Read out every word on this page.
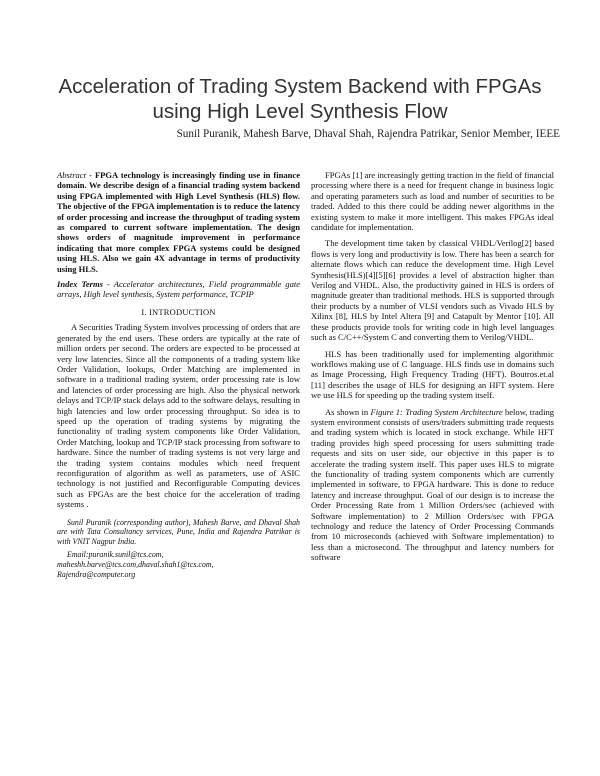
Acceleration of Trading System Backend with FPGAs using High Level Synthesis Flow
Sunil Puranik, Mahesh Barve, Dhaval Shah, Rajendra Patrikar, Senior Member, IEEE

Abstract - FPGA technology is increasingly finding use in finance domain. We describe design of a financial trading system backend using FPGA implemented with High Level Synthesis (HLS) flow. The objective of the FPGA implementation is to reduce the latency of order processing and increase the throughput of trading system as compared to current software implementation. The design shows orders of magnitude improvement in performance indicating that more complex FPGA systems could be designed using HLS. Also we gain 4X advantage in terms of productivity using HLS.

Index Terms - Accelerator architectures, Field programmable gate arrays, High level synthesis, System performance, TCPIP

I. INTRODUCTION

A Securities Trading System involves processing of orders that are generated by the end users. These orders are typically at the rate of million orders per second. The orders are expected to be processed at very low latencies. Since all the components of a trading system like Order Validation, lookups, Order Matching are implemented in software in a traditional trading system, order processing rate is low and latencies of order processing are high. Also the physical network delays and TCP/IP stack delays add to the software delays, resulting in high latencies and low order processing throughput. So idea is to speed up the operation of trading systems by migrating the functionality of trading system components like Order Validation, Order Matching, lookup and TCP/IP stack processing from software to hardware. Since the number of trading systems is not very large and the trading system contains modules which need frequent reconfiguration of algorithm as well as parameters, use of ASIC technology is not justified and Reconfigurable Computing devices such as FPGAs are the best choice for the acceleration of trading systems .

Sunil Puranik (corresponding author), Mahesh Barve, and Dhaval Shah are with Tata Consultancy services, Pune, India and Rajendra Patrikar is with VNIT Nagpur India.

Email:puranik.sunil@tcs.com,
maheshh.barve@tcs.com,dhaval.shah1@tcs.com,
Rajendra@computer.org

FPGAs [1] are increasingly getting traction in the field of financial processing where there is a need for frequent change in business logic and operating parameters such as load and number of securities to be traded. Added to this there could be adding newer algorithms in the existing system to make it more intelligent. This makes FPGAs ideal candidate for implementation.

The development time taken by classical VHDL/Verilog[2] based flows is very long and productivity is low. There has been a search for alternate flows which can reduce the development time. High Level Synthesis(HLS)[4][5][6] provides a level of abstraction higher than Verilog and VHDL. Also, the productivity gained in HLS is orders of magnitude greater than traditional methods. HLS is supported through their products by a number of VLSI vendors such as Vivado HLS by Xilinx [8], HLS by Intel Altera [9] and Catapult by Mentor [10]. All these products provide tools for writing code in high level languages such as C/C++/System C and converting them to Verilog/VHDL.

HLS has been traditionally used for implementing algorithmic workflows making use of C language. HLS finds use in domains such as Image Processing, High Frequency Trading (HFT). Boutros.et.al [11] describes the usage of HLS for designing an HFT system. Here we use HLS for speeding up the trading system itself.

As shown in Figure 1: Trading System Architecture below, trading system environment consists of users/traders submitting trade requests and trading system which is located in stock exchange. While HFT trading provides high speed processing for users submitting trade requests and sits on user side, our objective in this paper is to accelerate the trading system itself. This paper uses HLS to migrate the functionality of trading system components which are currently implemented in software, to FPGA hardware. This is done to reduce latency and increase throughput. Goal of our design is to increase the Order Processing Rate from 1 Million Orders/sec (achieved with Software implementation) to 2 Million Orders/sec with FPGA technology and reduce the latency of Order Processing Commands from 10 microseconds (achieved with Software implementation) to less than a microsecond. The throughput and latency numbers for software
